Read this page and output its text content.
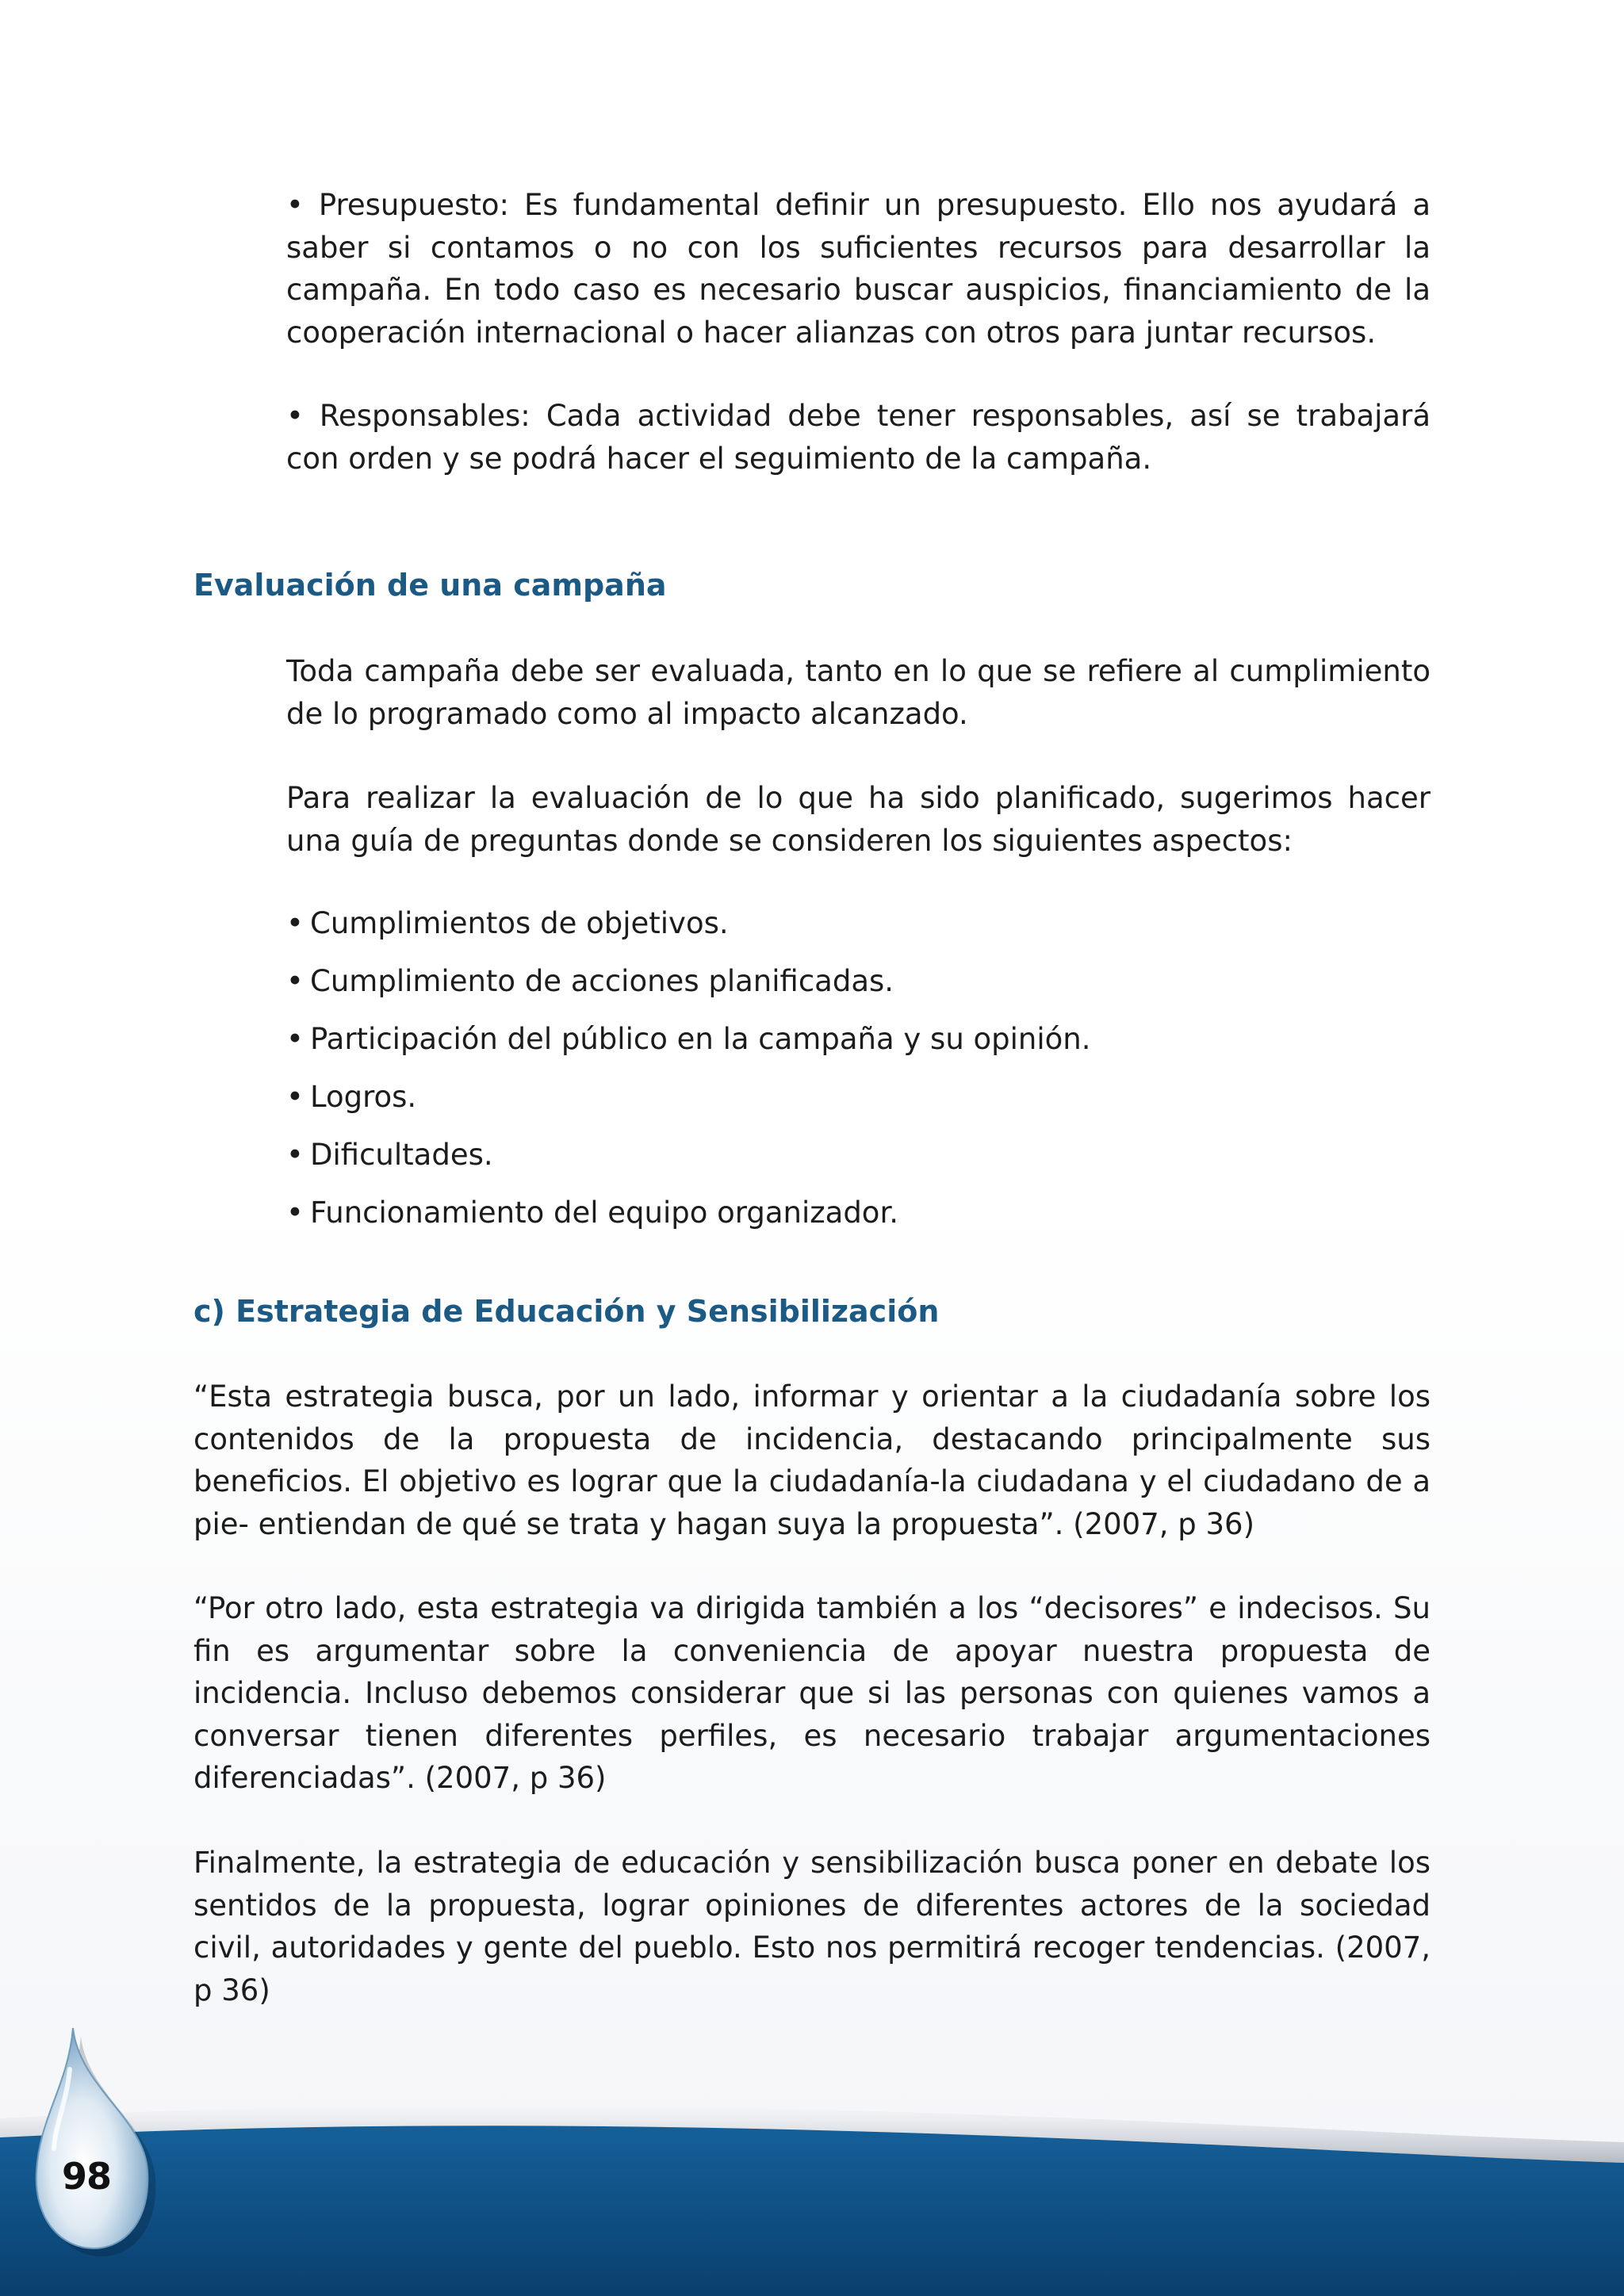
• Presupuesto: Es fundamental definir un presupuesto. Ello nos ayudará a saber si contamos o no con los suficientes recursos para desarrollar la campaña. En todo caso es necesario buscar auspicios, financiamiento de la cooperación internacional o hacer alianzas con otros para juntar recursos.

• Responsables: Cada actividad debe tener responsables, así se trabajará con orden y se podrá hacer el seguimiento de la campaña.

Evaluación de una campaña

Toda campaña debe ser evaluada, tanto en lo que se refiere al cumplimiento de lo programado como al impacto alcanzado.

Para realizar la evaluación de lo que ha sido planificado, sugerimos hacer una guía de preguntas donde se consideren los siguientes aspectos:

• Cumplimientos de objetivos.

• Cumplimiento de acciones planificadas.

• Participación del público en la campaña y su opinión.

• Logros.

• Dificultades.

• Funcionamiento del equipo organizador.

c) Estrategia de Educación y Sensibilización

“Esta estrategia busca, por un lado, informar y orientar a la ciudadanía sobre los contenidos de la propuesta de incidencia, destacando principalmente sus beneficios. El objetivo es lograr que la ciudadanía-la ciudadana y el ciudadano de a pie- entiendan de qué se trata y hagan suya la propuesta”. (2007, p 36)

“Por otro lado, esta estrategia va dirigida también a los “decisores” e indecisos. Su fin es argumentar sobre la conveniencia de apoyar nuestra propuesta de incidencia. Incluso debemos considerar que si las personas con quienes vamos a conversar tienen diferentes perfiles, es necesario trabajar argumentaciones diferenciadas”. (2007, p 36)

Finalmente, la estrategia de educación y sensibilización busca poner en debate los sentidos de la propuesta, lograr opiniones de diferentes actores de la sociedad civil, autoridades y gente del pueblo. Esto nos permitirá recoger tendencias. (2007, p 36)

98
